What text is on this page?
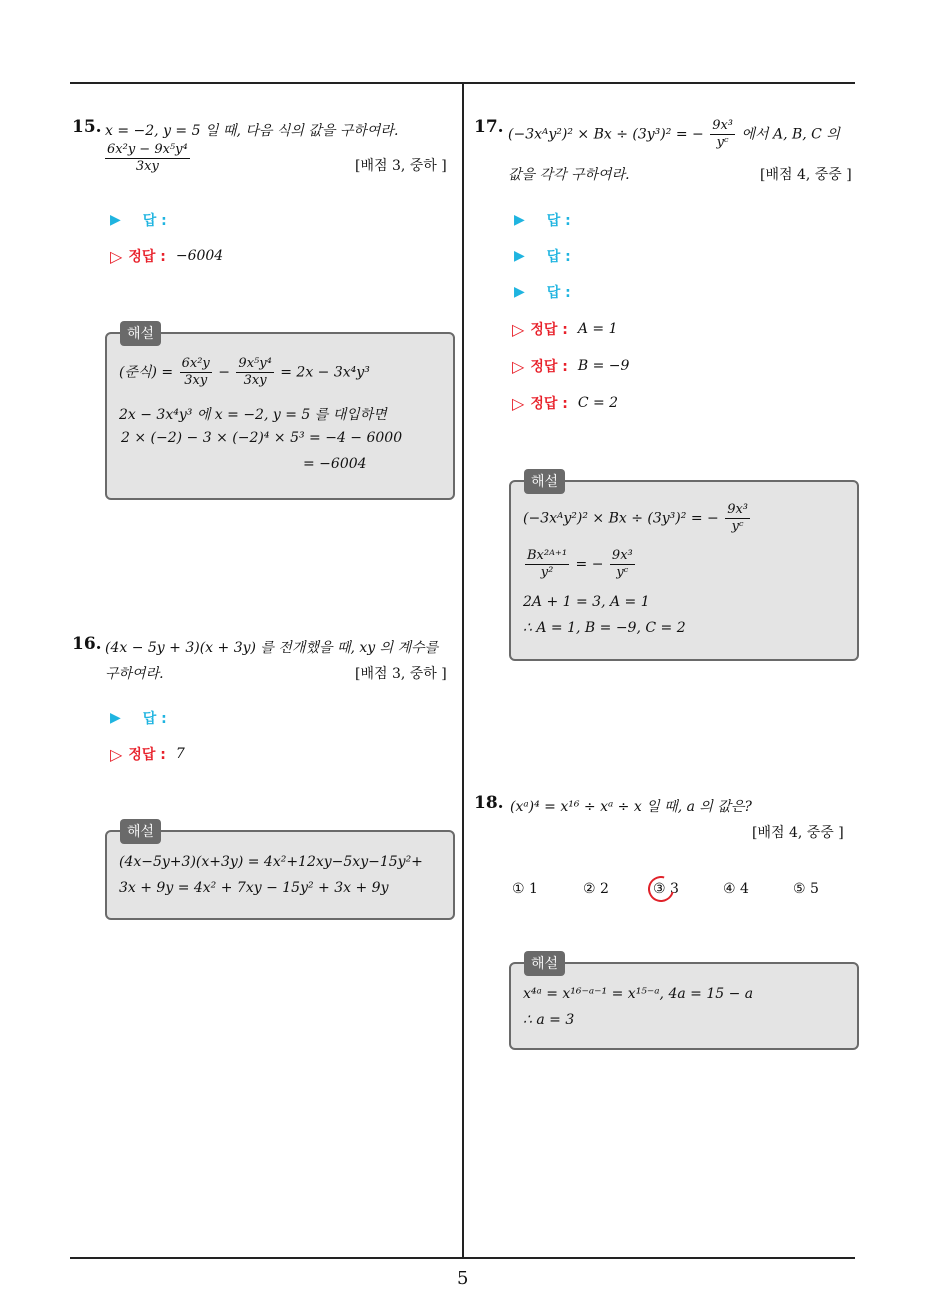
5
15. x = −2, y = 5 일 때, 다음 식의 값을 구하여라.
$\frac{\text{6x²y − 9x⁵y⁴}}{3xy}$	[배점 3, 중하 ]
▶ 답 :
▷ 정답 : −6004
(준식) = $\frac{\text{6x²y}}{3xy} - \frac{\text{9x⁵y⁴}}{3xy} = 2x - 3x^4y^3$
2x − 3x⁴y³ 에 x = −2, y = 5 를 대입하면
2 × (−2) − 3 × (−2)⁴ × 5³ = −4 − 6000
= −6004
해설
16. (4x − 5y + 3)(x + 3y) 를 전개했을 때, xy 의 계수를
구하여라.	[배점 3, 중하 ]
▶ 답 :
▷ 정답 : 7
(4x−5y+3)(x+3y) = 4x²+12xy−5xy−15y²+
3x + 9y = 4x² + 7xy − 15y² + 3x + 9y
해설
17. (−3xᴬy²)² × Bx ÷ (3y³)² = − $\frac{\text{9x³}}{\text{yᶜ}}$ 에서 A, B, C 의
값을 각각 구하여라.	[배점 4, 중중 ]
▶ 답 :
▶ 답 :
▶ 답 :
▷ 정답 : A = 1
▷ 정답 : B = −9
▷ 정답 : C = 2
(−3xᴬy²)² × Bx ÷ (3y³)² = − $\frac{\text{9x³}}{\text{yᶜ}}$
$\frac{\text{Bx²ᴬ⁺¹}}{\text{y²}}$ = − $\frac{\text{9x³}}{\text{yᶜ}}$
2A + 1 = 3, A = 1
∴ A = 1, B = −9, C = 2
해설
18. (xᵃ)⁴ = x¹⁶ ÷ xᵃ ÷ x 일 때, a 의 값은?
[배점 4, 중중 ]
① 1	② 2	③ 3	④ 4	⑤ 5
x⁴ᵃ = x¹⁶⁻ᵃ⁻¹ = x¹⁵⁻ᵃ, 4a = 15 − a
∴ a = 3
해설
